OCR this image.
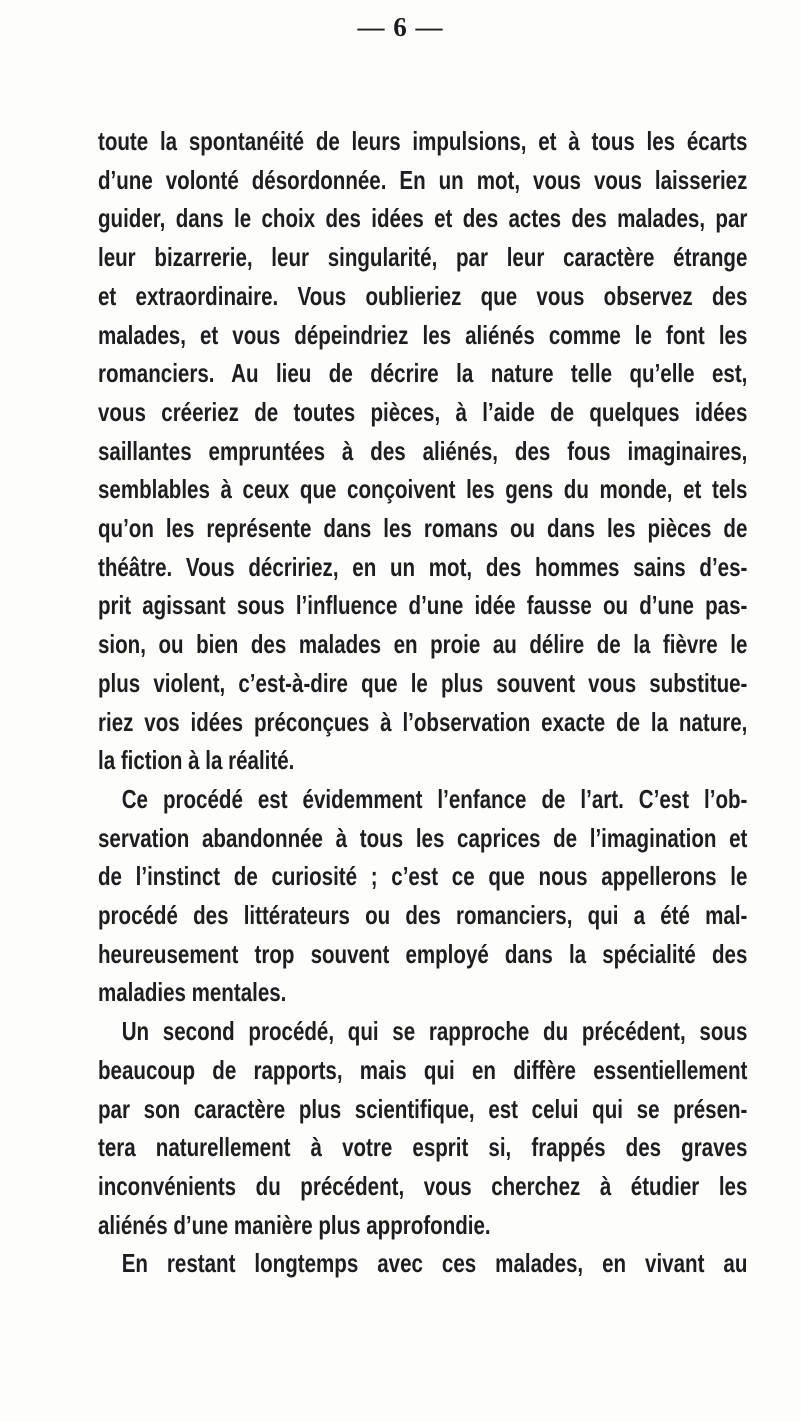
— 6 —
toute la spontanéité de leurs impulsions, et à tous les écarts
d’une volonté désordonnée. En un mot, vous vous laisseriez
guider, dans le choix des idées et des actes des malades, par
leur bizarrerie, leur singularité, par leur caractère étrange
et extraordinaire. Vous oublieriez que vous observez des
malades, et vous dépeindriez les aliénés comme le font les
romanciers. Au lieu de décrire la nature telle qu’elle est,
vous créeriez de toutes pièces, à l’aide de quelques idées
saillantes empruntées à des aliénés, des fous imaginaires,
semblables à ceux que conçoivent les gens du monde, et tels
qu’on les représente dans les romans ou dans les pièces de
théâtre. Vous décririez, en un mot, des hommes sains d’es-
prit agissant sous l’influence d’une idée fausse ou d’une pas-
sion, ou bien des malades en proie au délire de la fièvre le
plus violent, c’est-à-dire que le plus souvent vous substitue-
riez vos idées préconçues à l’observation exacte de la nature,
la fiction à la réalité.
Ce procédé est évidemment l’enfance de l’art. C’est l’ob-
servation abandonnée à tous les caprices de l’imagination et
de l’instinct de curiosité ; c’est ce que nous appellerons le
procédé des littérateurs ou des romanciers, qui a été mal-
heureusement trop souvent employé dans la spécialité des
maladies mentales.
Un second procédé, qui se rapproche du précédent, sous
beaucoup de rapports, mais qui en diffère essentiellement
par son caractère plus scientifique, est celui qui se présen-
tera naturellement à votre esprit si, frappés des graves
inconvénients du précédent, vous cherchez à étudier les
aliénés d’une manière plus approfondie.
En restant longtemps avec ces malades, en vivant au
